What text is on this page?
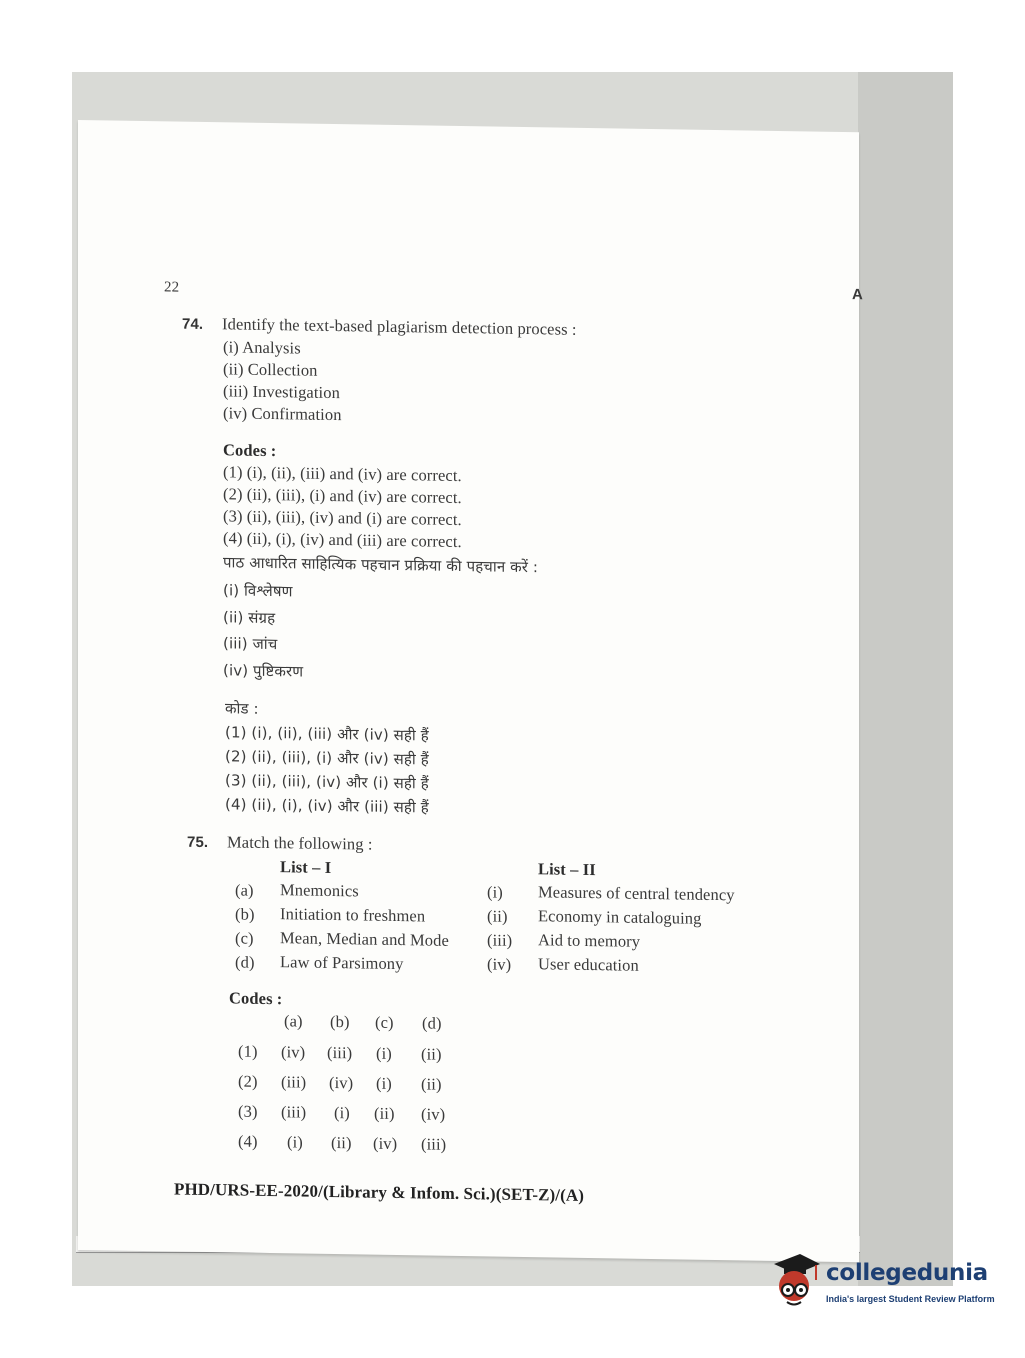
22	A
74. Identify the text-based plagiarism detection process :
(i) Analysis
(ii) Collection
(iii) Investigation
(iv) Confirmation
Codes :
(1) (i), (ii), (iii) and (iv) are correct.
(2) (ii), (iii), (i) and (iv) are correct.
(3) (ii), (iii), (iv) and (i) are correct.
(4) (ii), (i), (iv) and (iii) are correct.
पाठ आधारित साहित्यिक पहचान प्रक्रिया की पहचान करें :
(i) विश्लेषण
(ii) संग्रह
(iii) जांच
(iv) पुष्टिकरण
कोड :
(1) (i), (ii), (iii) और (iv) सही हैं
(2) (ii), (iii), (i) और (iv) सही हैं
(3) (ii), (iii), (iv) और (i) सही हैं
(4) (ii), (i), (iv) और (iii) सही हैं
75. Match the following :
List – I	List – II
(a) Mnemonics
(b) Initiation to freshmen
(c) Mean, Median and Mode
(d) Law of Parsimony
(i) Measures of central tendency
(ii) Economy in cataloguing
(iii) Aid to memory
(iv) User education
Codes :
(a) (b) (c) (d)
(1) (iv) (iii) (i) (ii)
(2) (iii) (iv) (i) (ii)
(3) (iii) (i) (ii) (iv)
(4) (i) (ii) (iv) (iii)
PHD/URS-EE-2020/(Library & Infom. Sci.)(SET-Z)/(A)
collegedunia
India's largest Student Review Platform
